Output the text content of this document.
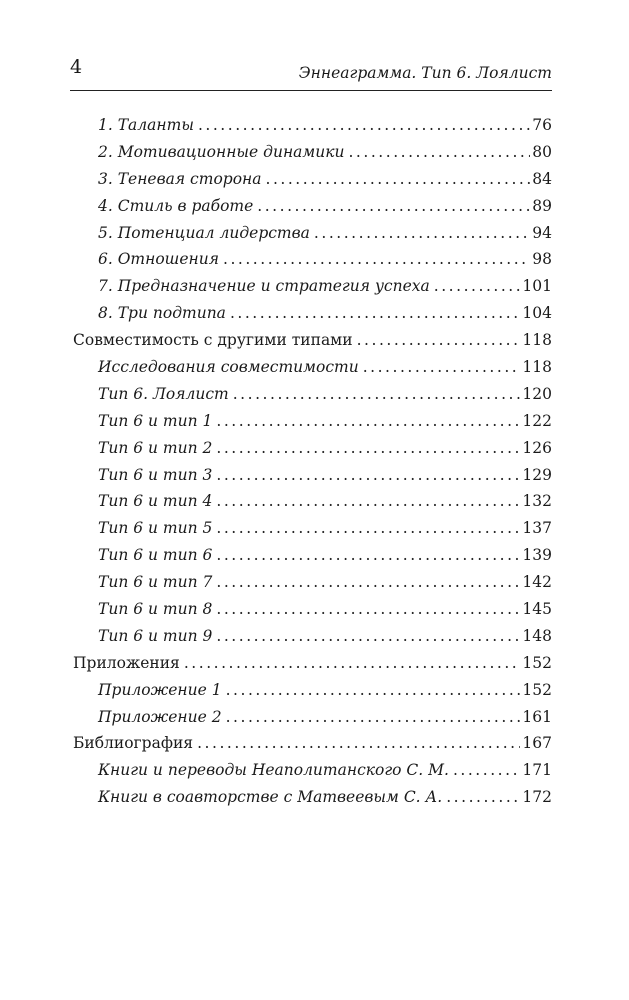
4	Эннеаграмма. Тип 6. Лоялист
1. Таланты . . .	76
2. Мотивационные динамики . . .	80
3. Теневая сторона . . .	84
4. Стиль в работе . . .	89
5. Потенциал лидерства . . .	94
6. Отношения . . .	98
7. Предназначение и стратегия успеха . . .	101
8. Три подтипа . . .	104
Совместимость с другими типами . . .	118
Исследования совместимости . . .	118
Тип 6. Лоялист . . .	120
Тип 6 и тип 1 . . .	122
Тип 6 и тип 2 . . .	126
Тип 6 и тип 3 . . .	129
Тип 6 и тип 4 . . .	132
Тип 6 и тип 5 . . .	137
Тип 6 и тип 6 . . .	139
Тип 6 и тип 7 . . .	142
Тип 6 и тип 8 . . .	145
Тип 6 и тип 9 . . .	148
Приложения . . .	152
Приложение 1 . . .	152
Приложение 2 . . .	161
Библиография . . .	167
Книги и переводы Неаполитанского С. М. . . .	171
Книги в соавторстве с Матвеевым С. А. . . .	172
